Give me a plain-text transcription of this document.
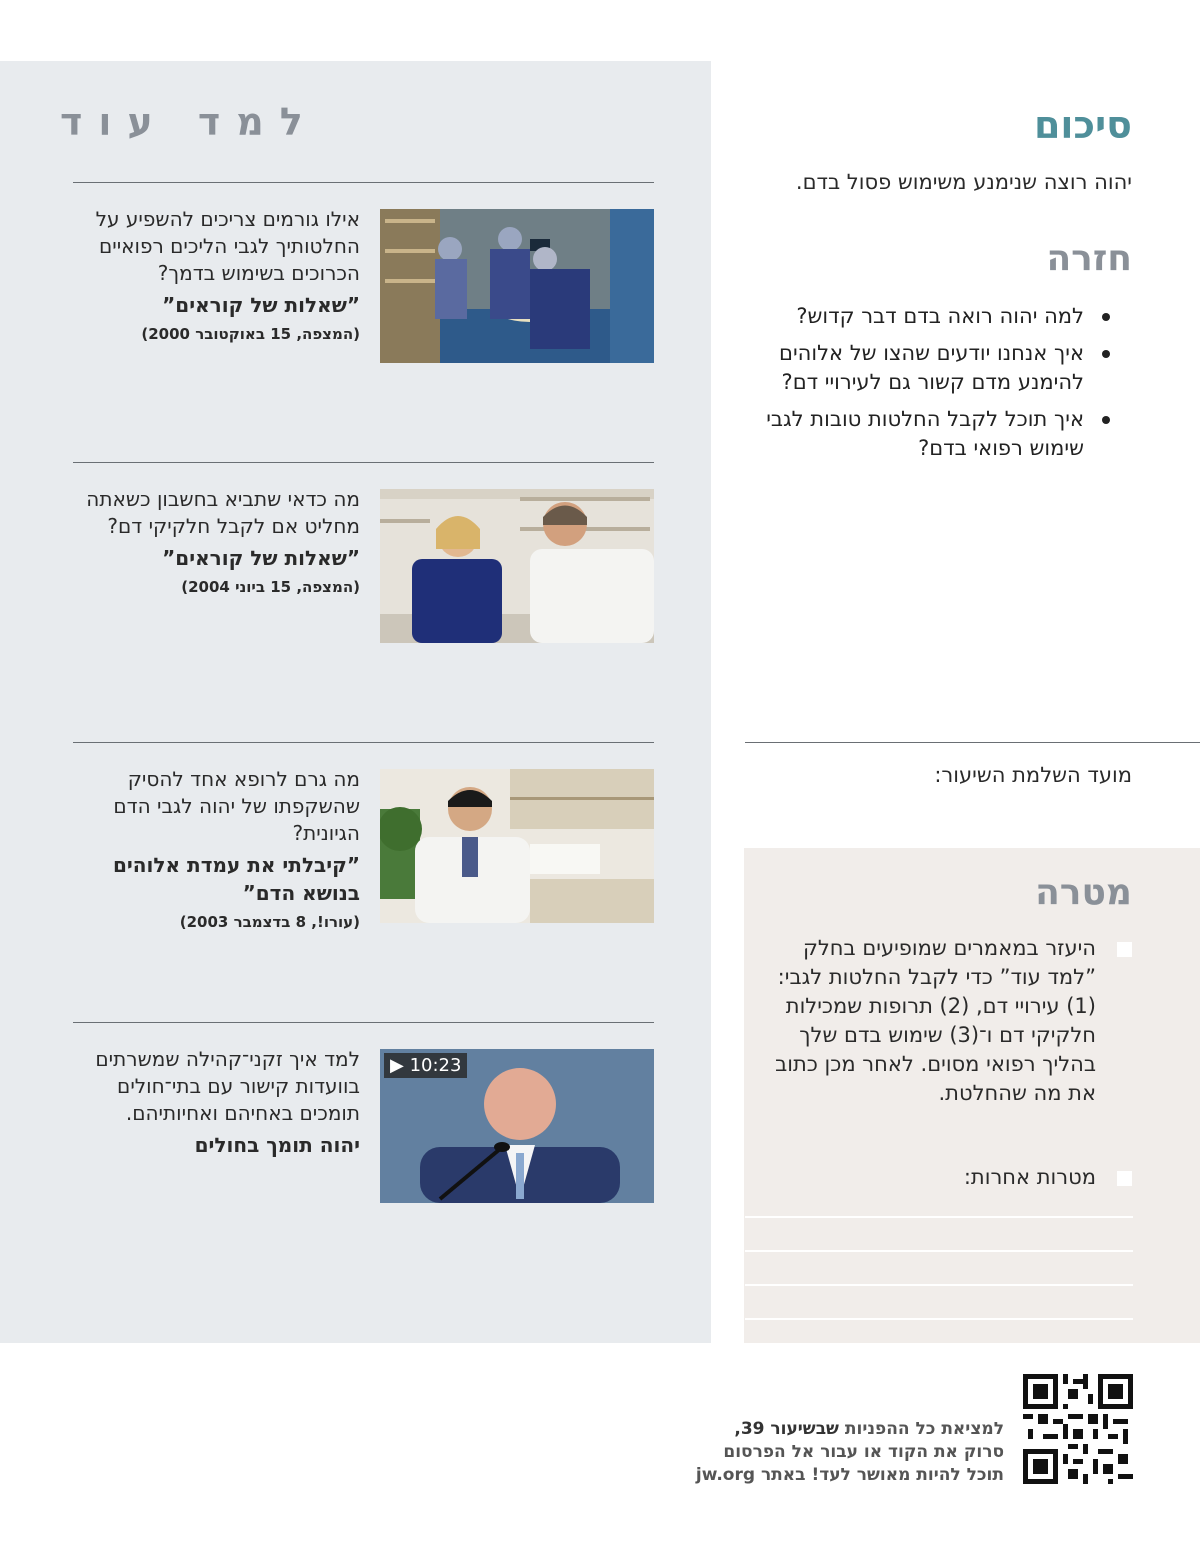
למד עוד
אילו גורמים צריכים להשפיע על החלטותיך לגבי הליכים רפואיים הכרוכים בשימוש בדמך?
”שאלות של קוראים”
(המצפה, 15 באוקטובר 2000)
מה כדאי שתביא בחשבון כשאתה מחליט אם לקבל חלקיקי דם?
”שאלות של קוראים”
(המצפה, 15 ביוני 2004)
מה גרם לרופא אחד להסיק שהשקפתו של יהוה לגבי הדם הגיונית?
”קיבלתי את עמדת אלוהים בנושא הדם”
(עורו!, 8 בדצמבר 2003)
למד איך זקני־קהילה שמשרתים בוועדות קישור עם בתי־חולים תומכים באחיהם ואחיותיהם.
יהוה תומך בחולים
▶ 10:23
סיכום
יהוה רוצה שנימנע משימוש פסול בדם.
חזרה
למה יהוה רואה בדם דבר קדוש?
איך אנחנו יודעים שהצו של אלוהים להימנע מדם קשור גם לעירויי דם?
איך תוכל לקבל החלטות טובות לגבי שימוש רפואי בדם?
מועד השלמת השיעור:
מטרה
היעזר במאמרים שמופיעים בחלק ”למד עוד” כדי לקבל החלטות לגבי: (1) עירויי דם, (2) תרופות שמכילות חלקיקי דם ו־(3) שימוש בדם שלך בהליך רפואי מסוים. לאחר מכן כתוב את מה שהחלטת.
מטרות אחרות:
למציאת כל ההפניות שבשיעור 39,
סרוק את הקוד או עבור אל הפרסום
תוכל להיות מאושר לעד! באתר jw.org
